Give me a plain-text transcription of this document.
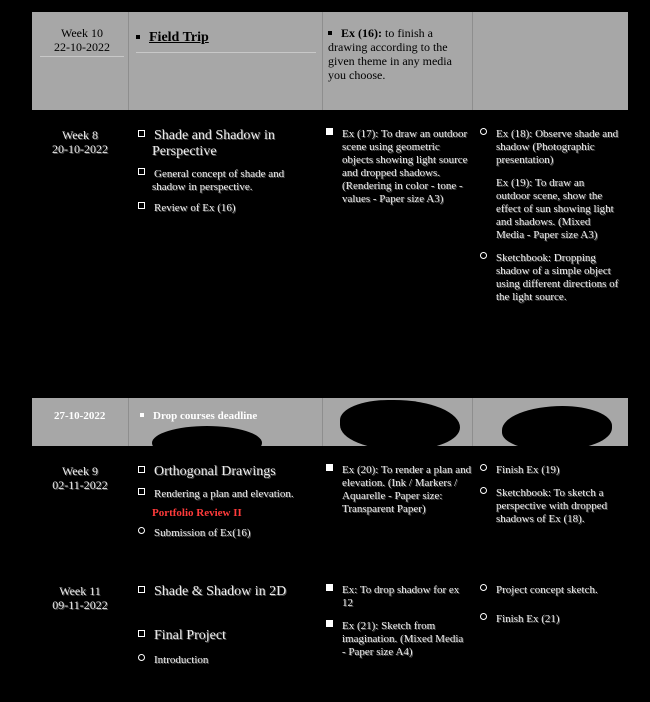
Week 10
22-10-2022
Field Trip	Ex (16): to finish a drawing according to the given theme in any media you choose.
Week 8
20-10-2022
Shade and Shadow in Perspective
General concept of shade and shadow in perspective.
Review of Ex (16)
Ex (17): To draw an outdoor scene using geometric objects showing light source and dropped shadows. (Rendering in color - tone - values - Paper size A3)
Ex (18): Observe shade and shadow (Photographic presentation)
Ex (19): To draw an outdoor scene, show the effect of sun showing light and shadows. (Mixed Media - Paper size A3)
Sketchbook: Dropping shadow of a simple object using different directions of the light source.
27-10-2022	Drop courses deadline
Week 9
02-11-2022
Orthogonal Drawings
Rendering a plan and elevation.
Portfolio Review II
Submission of Ex(16)
Ex (20): To render a plan and elevation. (Ink / Markers / Aquarelle - Paper size: Transparent Paper)
Finish Ex (19)
Sketchbook: To sketch a perspective with dropped shadows of Ex (18).
Week 11
09-11-2022
Shade & Shadow in 2D
Final Project
Introduction
Ex: To drop shadow for ex 12
Ex (21): Sketch from imagination. (Mixed Media - Paper size A4)
Project concept sketch.
Finish Ex (21)
